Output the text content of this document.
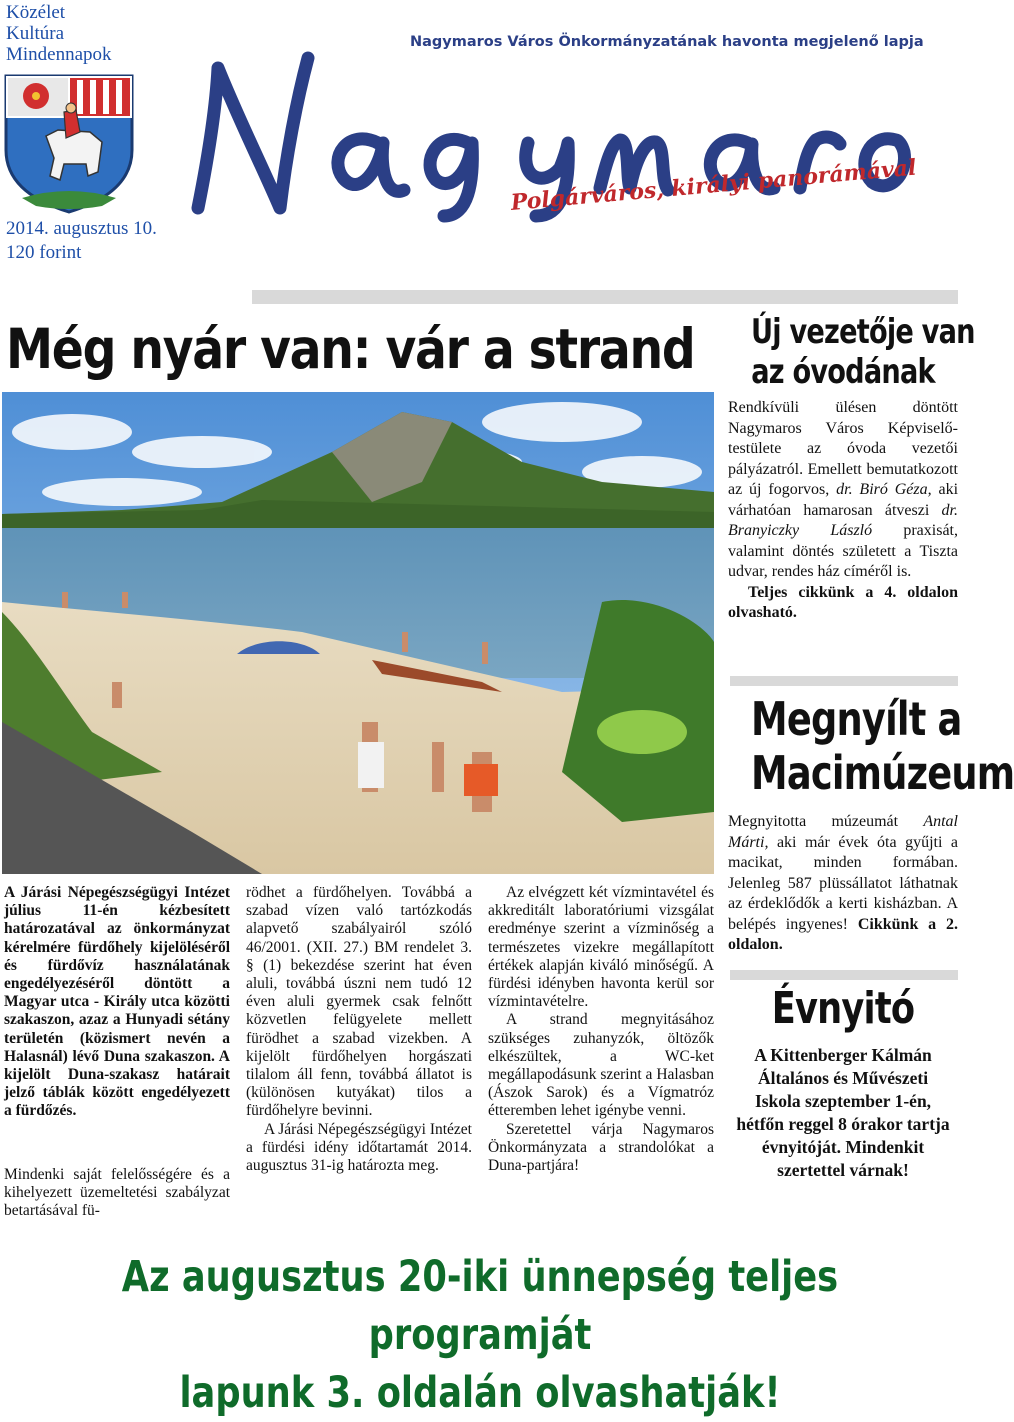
Közélet
Kultúra
Mindennapok
2014. augusztus 10.
120 forint
Nagymaros Város Önkormányzatának havonta megjelenő lapja
Polgárváros, királyi panorámával
Még nyár van: vár a strand

A Járási Népegészségügyi Intézet július 11-én kézbesített határozatával az önkormányzat kérelmére fürdőhely kijelöléséről és fürdővíz használatának engedélyezéséről döntött a Magyar utca - Király utca közötti szakaszon, azaz a Hunyadi sétány területén (közismert nevén a Halasnál) lévő Duna szakaszon. A kijelölt Duna-szakasz határait jelző táblák között engedélyezett a fürdőzés.

Mindenki saját felelősségére és a kihelyezett üzemeltetési szabályzat betartásával fü-

rödhet a fürdőhelyen. Továbbá a szabad vízen való tartózkodás alapvető szabályairól szóló 46/2001. (XII. 27.) BM rendelet 3. § (1) bekezdése szerint hat éven aluli, továbbá úszni nem tudó 12 éven aluli gyermek csak felnőtt közvetlen felügyelete mellett fürödhet a szabad vizekben. A kijelölt fürdőhelyen horgászati tilalom áll fenn, továbbá állatot is (különösen kutyákat) tilos a fürdőhelyre bevinni.

A Járási Népegészségügyi Intézet a fürdési idény időtartamát 2014. augusztus 31-ig határozta meg.

Az elvégzett két vízmintavétel és akkreditált laboratóriumi vizsgálat eredménye szerint a vízminőség a természetes vizekre megállapított értékek alapján kiváló minőségű. A fürdési idényben havonta kerül sor vízmintavételre.

A strand megnyitásához szükséges zuhanyzók, öltözők elkészültek, a WC-ket megállapodásunk szerint a Halasban (Ászok Sarok) és a Vígmatróz étteremben lehet igénybe venni.

Szeretettel várja Nagymaros Önkormányzata a strandolókat a Duna-partjára!

Új vezetője van
az óvodának
Rendkívüli ülésen döntött Nagymaros Város Képviselő-testülete az óvoda vezetői pályázatról. Emellett bemutatkozott az új fogorvos, dr. Biró Géza, aki várhatóan hamarosan átveszi dr. Branyiczky László praxisát, valamint döntés született a Tiszta udvar, rendes ház címéről is.
Teljes cikkünk a 4. oldalon olvasható.
Megnyílt a
Macimúzeum
Megnyitotta múzeumát Antal Márti, aki már évek óta gyűjti a macikat, minden formában. Jelenleg 587 plüssállatot láthatnak az érdeklődők a kerti kisházban. A belépés ingyenes! Cikkünk a 2. oldalon.
Évnyitó
A Kittenberger Kálmán Általános és Művészeti Iskola szeptember 1-én, hétfőn reggel 8 órakor tartja évnyitóját. Mindenkit szertettel várnak!
Az augusztus 20-iki ünnepség teljes programját
lapunk 3. oldalán olvashatják!
